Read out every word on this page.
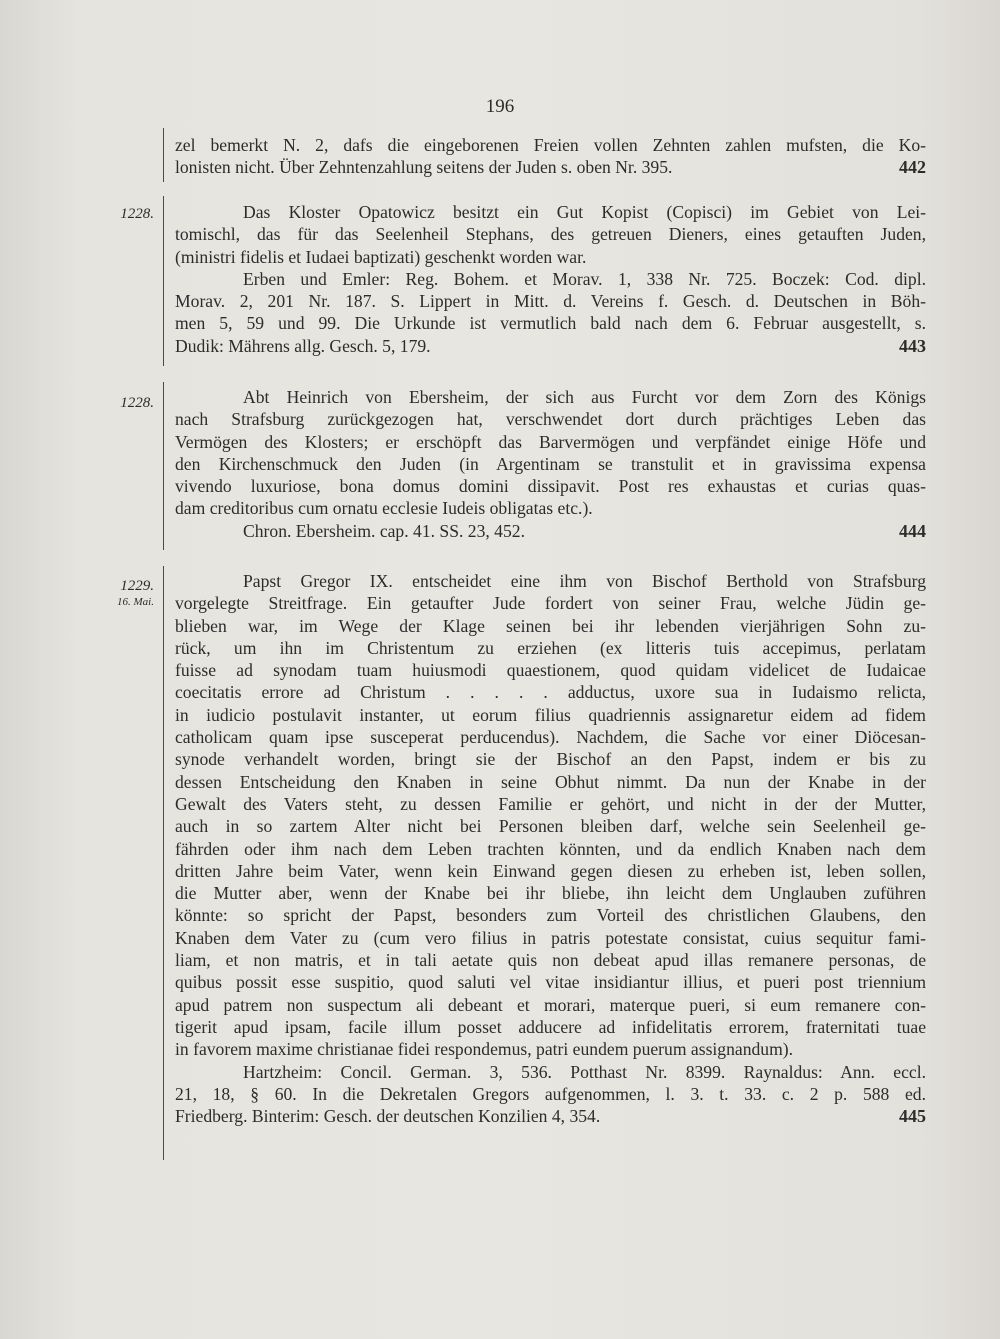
196
zel bemerkt N. 2, dafs die eingeborenen Freien vollen Zehnten zahlen mufsten, die Ko-
lonisten nicht. Über Zehntenzahlung seitens der Juden s. oben Nr. 395.	442
1228.	Das Kloster Opatowicz besitzt ein Gut Kopist (Copisci) im Gebiet von Lei-
tomischl, das für das Seelenheil Stephans, des getreuen Dieners, eines getauften Juden,
(ministri fidelis et Iudaei baptizati) geschenkt worden war.
Erben und Emler: Reg. Bohem. et Morav. 1, 338 Nr. 725. Boczek: Cod. dipl.
Morav. 2, 201 Nr. 187. S. Lippert in Mitt. d. Vereins f. Gesch. d. Deutschen in Böh-
men 5, 59 und 99. Die Urkunde ist vermutlich bald nach dem 6. Februar ausgestellt, s.
Dudik: Mährens allg. Gesch. 5, 179.	443
1228.	Abt Heinrich von Ebersheim, der sich aus Furcht vor dem Zorn des Königs
nach Strafsburg zurückgezogen hat, verschwendet dort durch prächtiges Leben das
Vermögen des Klosters; er erschöpft das Barvermögen und verpfändet einige Höfe und
den Kirchenschmuck den Juden (in Argentinam se transtulit et in gravissima expensa
vivendo luxuriose, bona domus domini dissipavit. Post res exhaustas et curias quas-
dam creditoribus cum ornatu ecclesie Iudeis obligatas etc.).
Chron. Ebersheim. cap. 41. SS. 23, 452.	444
1229.
16. Mai.
Papst Gregor IX. entscheidet eine ihm von Bischof Berthold von Strafsburg
vorgelegte Streitfrage. Ein getaufter Jude fordert von seiner Frau, welche Jüdin ge-
blieben war, im Wege der Klage seinen bei ihr lebenden vierjährigen Sohn zu-
rück, um ihn im Christentum zu erziehen (ex litteris tuis accepimus, perlatam
fuisse ad synodam tuam huiusmodi quaestionem, quod quidam videlicet de Iudaicae
coecitatis errore ad Christum . . . . . adductus, uxore sua in Iudaismo relicta,
in iudicio postulavit instanter, ut eorum filius quadriennis assignaretur eidem ad fidem
catholicam quam ipse susceperat perducendus). Nachdem, die Sache vor einer Diöcesan-
synode verhandelt worden, bringt sie der Bischof an den Papst, indem er bis zu
dessen Entscheidung den Knaben in seine Obhut nimmt. Da nun der Knabe in der
Gewalt des Vaters steht, zu dessen Familie er gehört, und nicht in der der Mutter,
auch in so zartem Alter nicht bei Personen bleiben darf, welche sein Seelenheil ge-
fährden oder ihm nach dem Leben trachten könnten, und da endlich Knaben nach dem
dritten Jahre beim Vater, wenn kein Einwand gegen diesen zu erheben ist, leben sollen,
die Mutter aber, wenn der Knabe bei ihr bliebe, ihn leicht dem Unglauben zuführen
könnte: so spricht der Papst, besonders zum Vorteil des christlichen Glaubens, den
Knaben dem Vater zu (cum vero filius in patris potestate consistat, cuius sequitur fami-
liam, et non matris, et in tali aetate quis non debeat apud illas remanere personas, de
quibus possit esse suspitio, quod saluti vel vitae insidiantur illius, et pueri post triennium
apud patrem non suspectum ali debeant et morari, materque pueri, si eum remanere con-
tigerit apud ipsam, facile illum posset adducere ad infidelitatis errorem, fraternitati tuae
in favorem maxime christianae fidei respondemus, patri eundem puerum assignandum).
Hartzheim: Concil. German. 3, 536. Potthast Nr. 8399. Raynaldus: Ann. eccl.
21, 18, § 60. In die Dekretalen Gregors aufgenommen, l. 3. t. 33. c. 2 p. 588 ed.
Friedberg. Binterim: Gesch. der deutschen Konzilien 4, 354.	445
